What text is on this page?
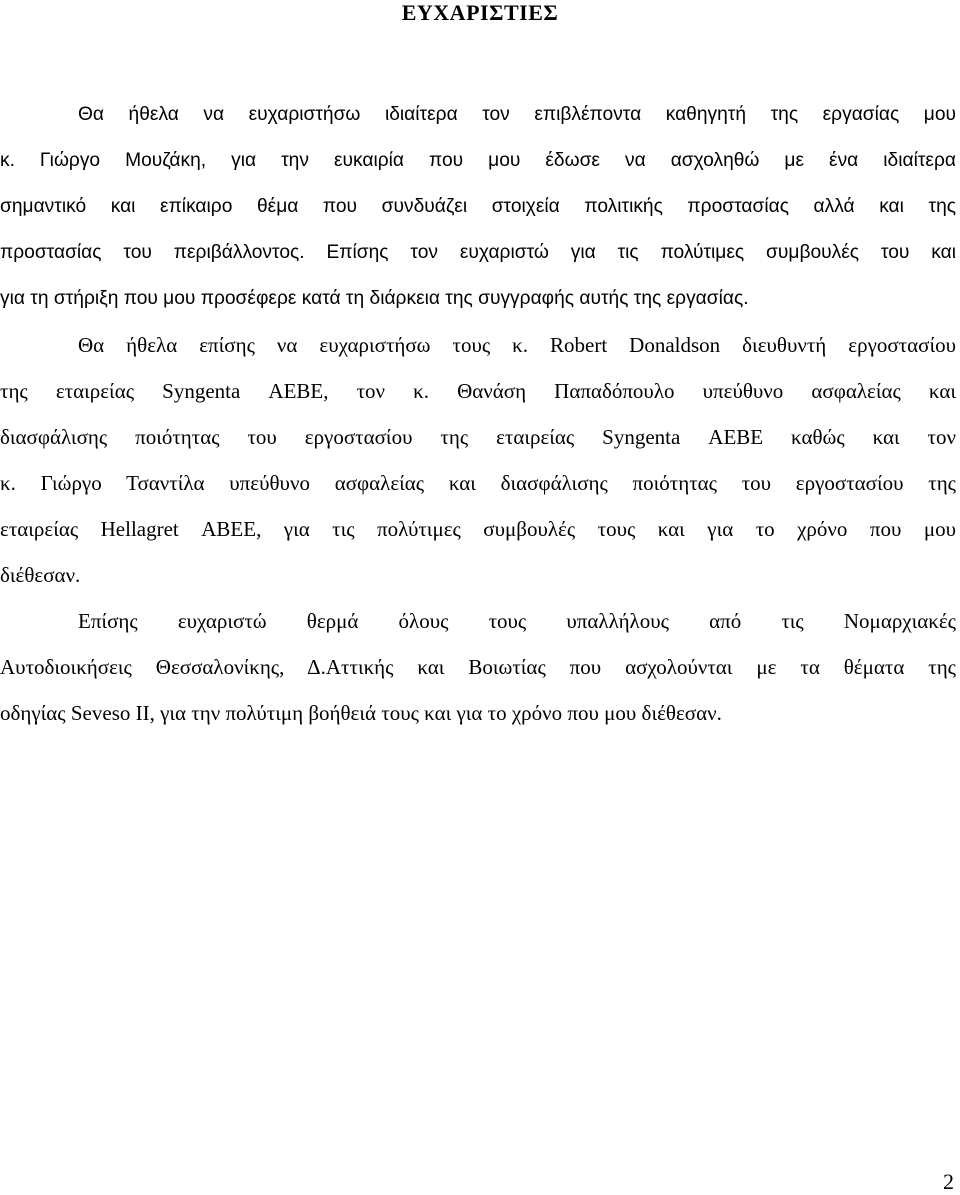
ΕΥΧΑΡΙΣΤΙΕΣ
Θα ήθελα να ευχαριστήσω ιδιαίτερα τον επιβλέποντα καθηγητή της εργασίας μου
κ. Γιώργο Μουζάκη, για την ευκαιρία που μου έδωσε να ασχοληθώ με ένα ιδιαίτερα
σημαντικό και επίκαιρο θέμα που συνδυάζει στοιχεία πολιτικής προστασίας αλλά και της
προστασίας του περιβάλλοντος. Επίσης τον ευχαριστώ για τις πολύτιμες συμβουλές του και
για τη στήριξη που μου προσέφερε κατά τη διάρκεια της συγγραφής αυτής της εργασίας.
Θα ήθελα επίσης να ευχαριστήσω τους κ. Robert Donaldson διευθυντή εργοστασίου
της εταιρείας Syngenta ΑΕΒΕ, τον κ. Θανάση Παπαδόπουλο υπεύθυνο ασφαλείας και
διασφάλισης ποιότητας του εργοστασίου της εταιρείας Syngenta ΑΕΒΕ καθώς και τον
κ. Γιώργο Τσαντίλα υπεύθυνο ασφαλείας και διασφάλισης ποιότητας του εργοστασίου της
εταιρείας Hellagret ΑΒΕΕ, για τις πολύτιμες συμβουλές τους και για το χρόνο που μου
διέθεσαν.
Επίσης ευχαριστώ θερμά όλους τους υπαλλήλους από τις Νομαρχιακές
Αυτοδιοικήσεις Θεσσαλονίκης, Δ.Αττικής και Βοιωτίας που ασχολούνται με τα θέματα της
οδηγίας Seveso II, για την πολύτιμη βοήθειά τους και για το χρόνο που μου διέθεσαν.
2
